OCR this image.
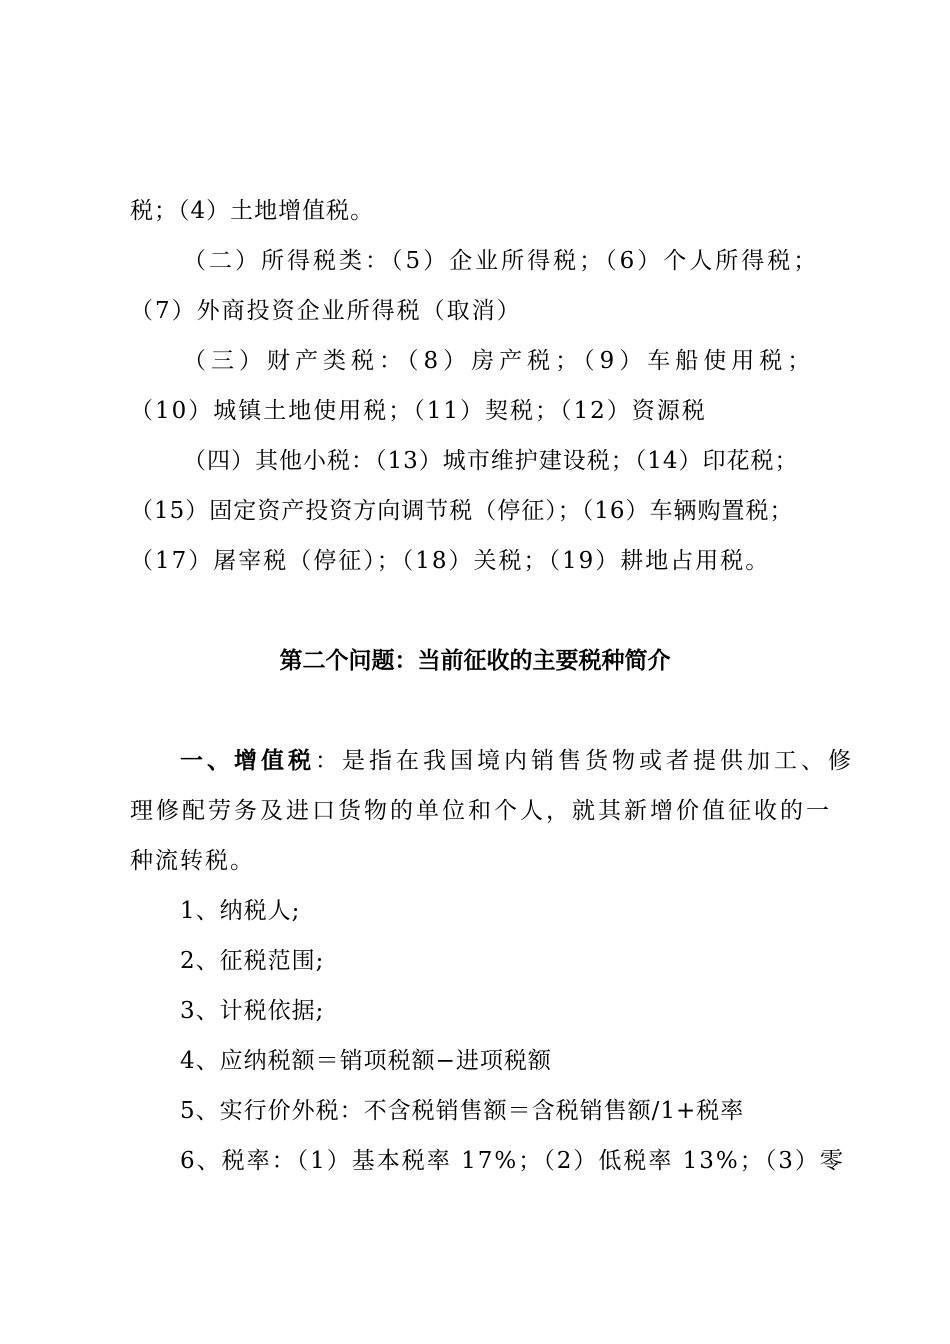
税；（4）土地增值税。
（二）所得税类：（5）企业所得税；（6）个人所得税；
（7）外商投资企业所得税（取消）
（三）财产类税：（8）房产税；（9）车船使用税；
（10）城镇土地使用税；（11）契税；（12）资源税
（四）其他小税：（13）城市维护建设税；（14）印花税；
（15）固定资产投资方向调节税（停征）；（16）车辆购置税；
（17）屠宰税（停征）；（18）关税；（19）耕地占用税。
第二个问题：当前征收的主要税种简介
一、增值税：是指在我国境内销售货物或者提供加工、修
理修配劳务及进口货物的单位和个人，就其新增价值征收的一
种流转税。
1、纳税人;
2、征税范围;
3、计税依据;
4、应纳税额＝销项税额−进项税额
5、实行价外税：不含税销售额＝含税销售额/1+税率
6、税率：（1）基本税率 17%；（2）低税率 13%；（3）零
